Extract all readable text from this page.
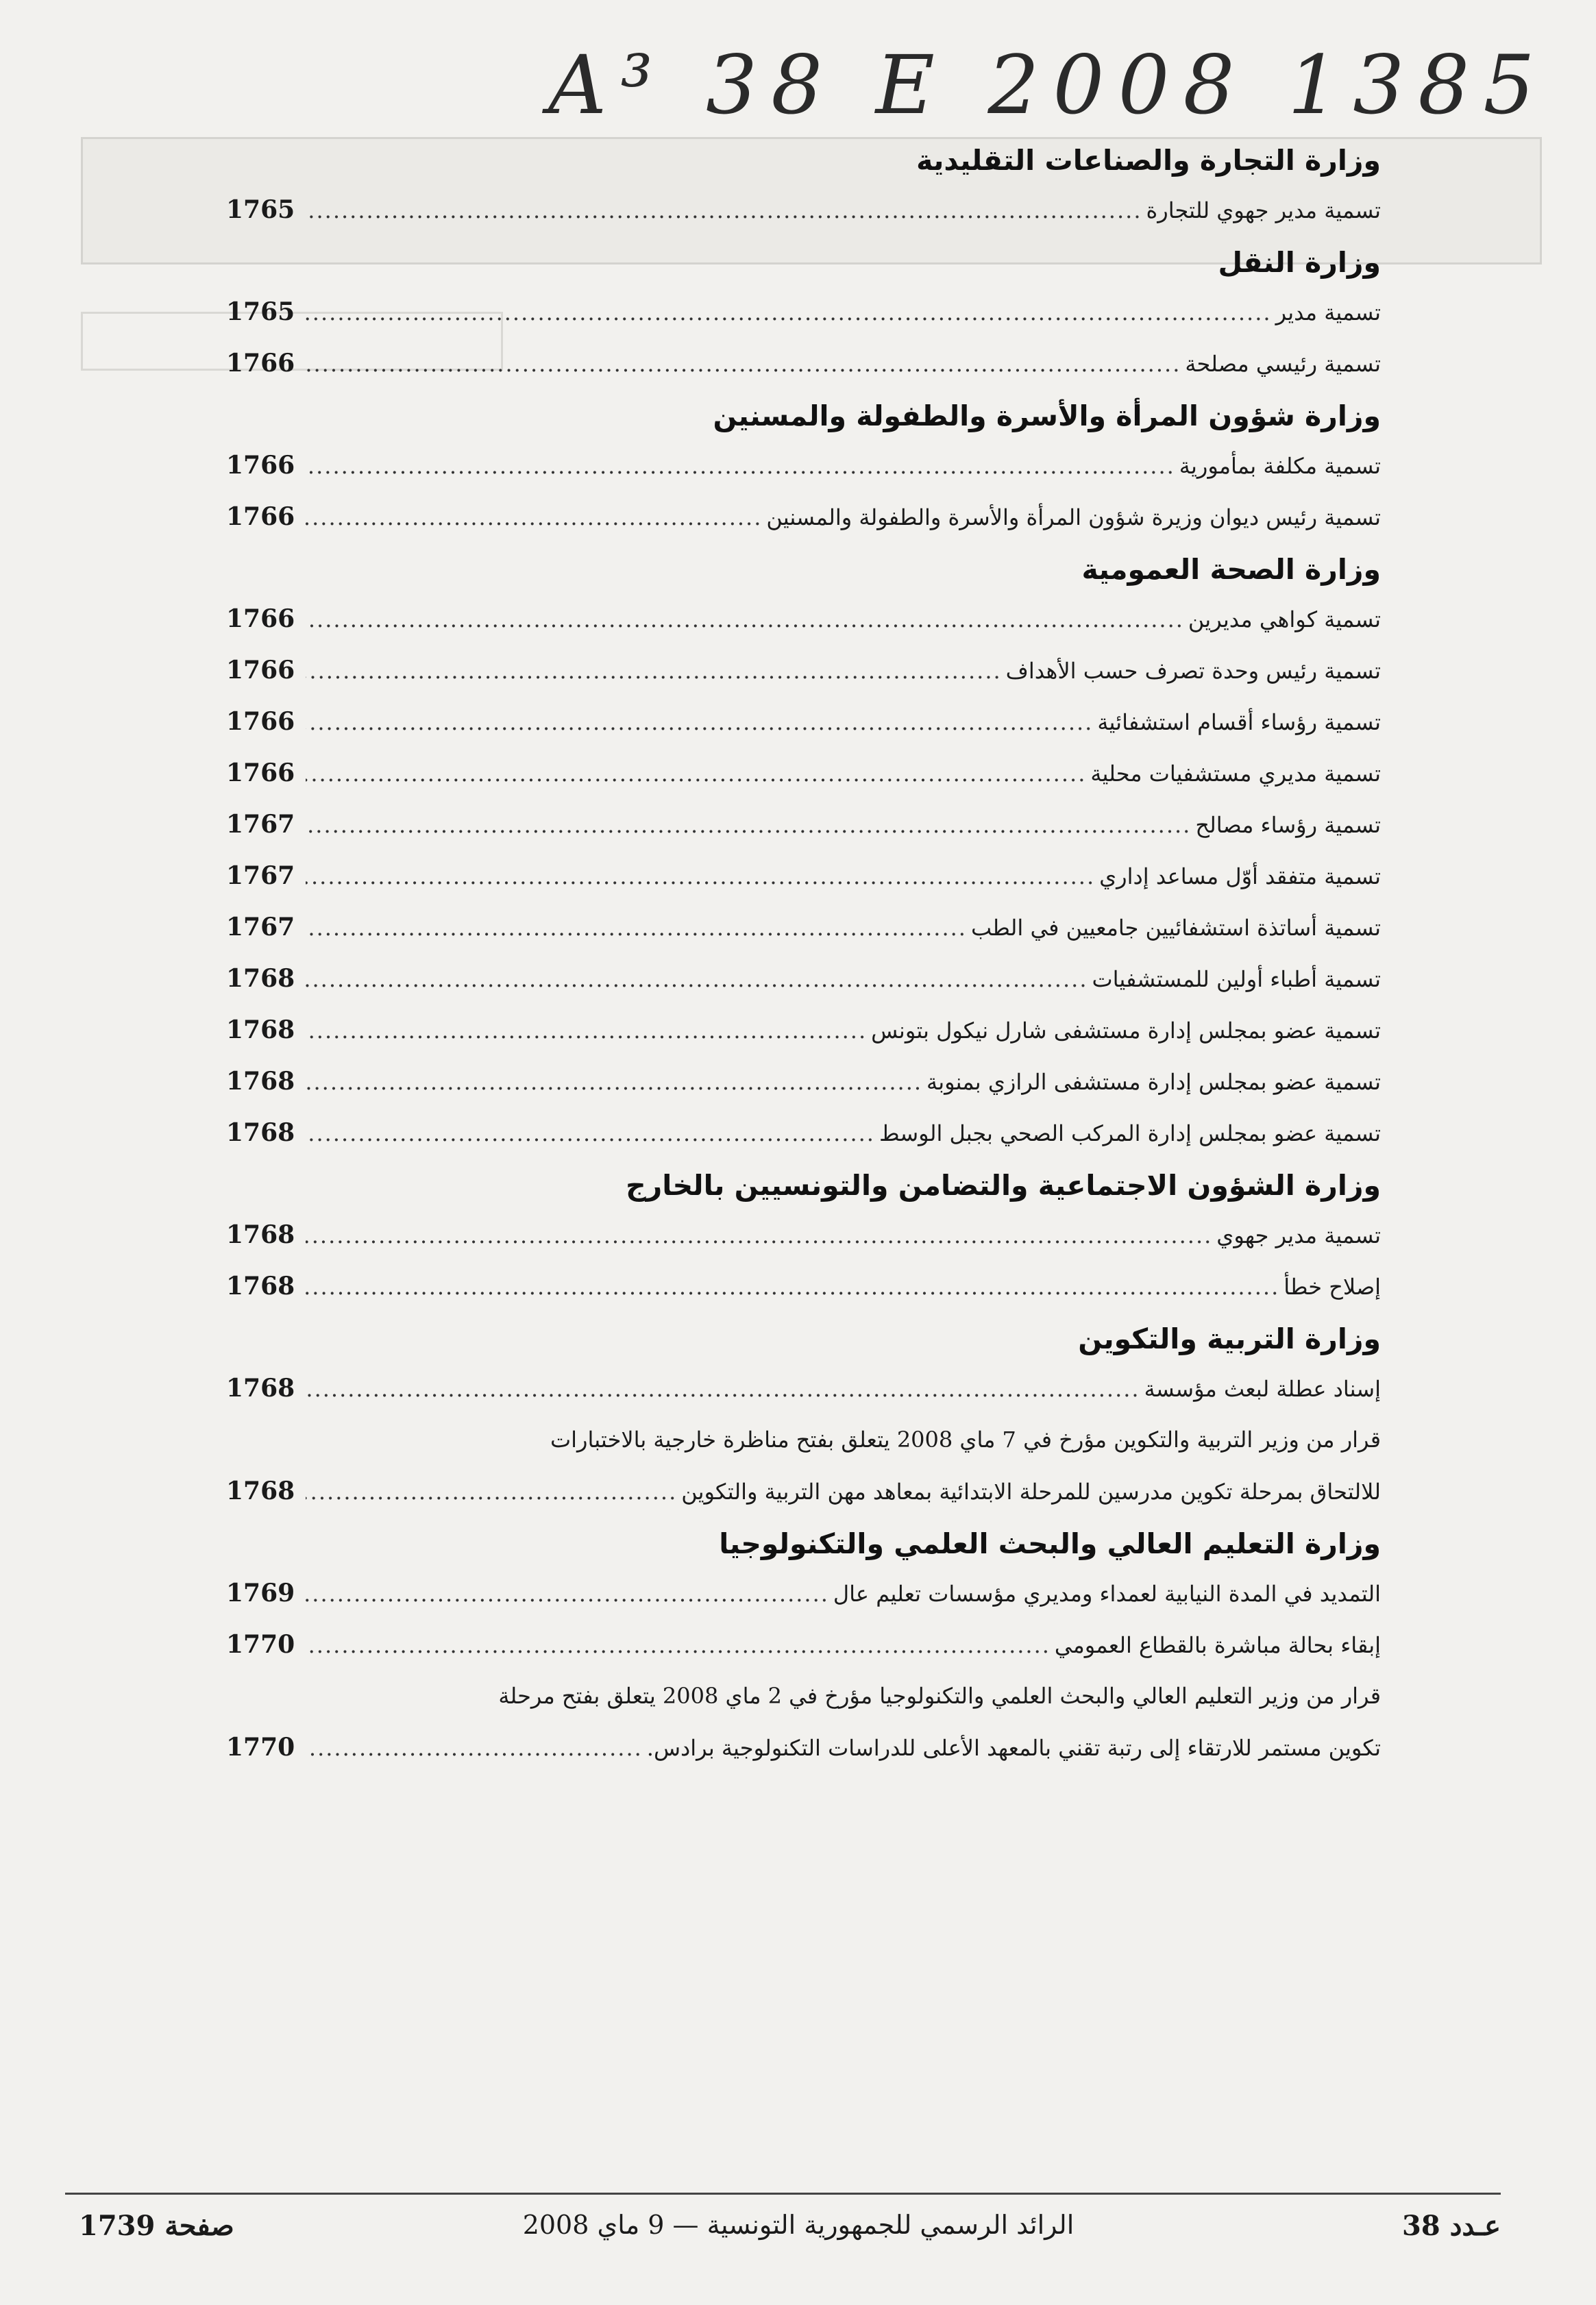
A³ 38 E 2008 1385
وزارة التجارة والصناعات التقليدية
تسمية مدير جهوي للتجارة
.....
1765
وزارة النقل
تسمية مدير
.....
1765
تسمية رئيسي مصلحة
.....
1766
وزارة شؤون المرأة والأسرة والطفولة والمسنين
تسمية مكلفة بمأمورية
.....
1766
تسمية رئيس ديوان وزيرة شؤون المرأة والأسرة والطفولة والمسنين
.....
1766
وزارة الصحة العمومية
تسمية كواهي مديرين
.....
1766
تسمية رئيس وحدة تصرف حسب الأهداف
.....
1766
تسمية رؤساء أقسام استشفائية
.....
1766
تسمية مديري مستشفيات محلية
.....
1766
تسمية رؤساء مصالح
.....
1767
تسمية متفقد أوّل مساعد إداري
.....
1767
تسمية أساتذة استشفائيين جامعيين في الطب
.....
1767
تسمية أطباء أولين للمستشفيات
.....
1768
تسمية عضو بمجلس إدارة مستشفى شارل نيكول بتونس
.....
1768
تسمية عضو بمجلس إدارة مستشفى الرازي بمنوبة
.....
1768
تسمية عضو بمجلس إدارة المركب الصحي بجبل الوسط
.....
1768
وزارة الشؤون الاجتماعية والتضامن والتونسيين بالخارج
تسمية مدير جهوي
.....
1768
إصلاح خطأ
.....
1768
وزارة التربية والتكوين
إسناد عطلة لبعث مؤسسة
.....
1768
قرار من وزير التربية والتكوين مؤرخ في 7 ماي 2008 يتعلق بفتح مناظرة خارجية بالاختبارات
للالتحاق بمرحلة تكوين مدرسين للمرحلة الابتدائية بمعاهد مهن التربية والتكوين
.....
1768
وزارة التعليم العالي والبحث العلمي والتكنولوجيا
التمديد في المدة النيابية لعمداء ومديري مؤسسات تعليم عال
.....
1769
إبقاء بحالة مباشرة بالقطاع العمومي
.....
1770
قرار من وزير التعليم العالي والبحث العلمي والتكنولوجيا مؤرخ في 2 ماي 2008 يتعلق بفتح مرحلة
تكوين مستمر للارتقاء إلى رتبة تقني بالمعهد الأعلى للدراسات التكنولوجية برادس.
.....
1770
عـدد 38
الرائد الرسمي للجمهورية التونسية — 9 ماي 2008
صفحة 1739
